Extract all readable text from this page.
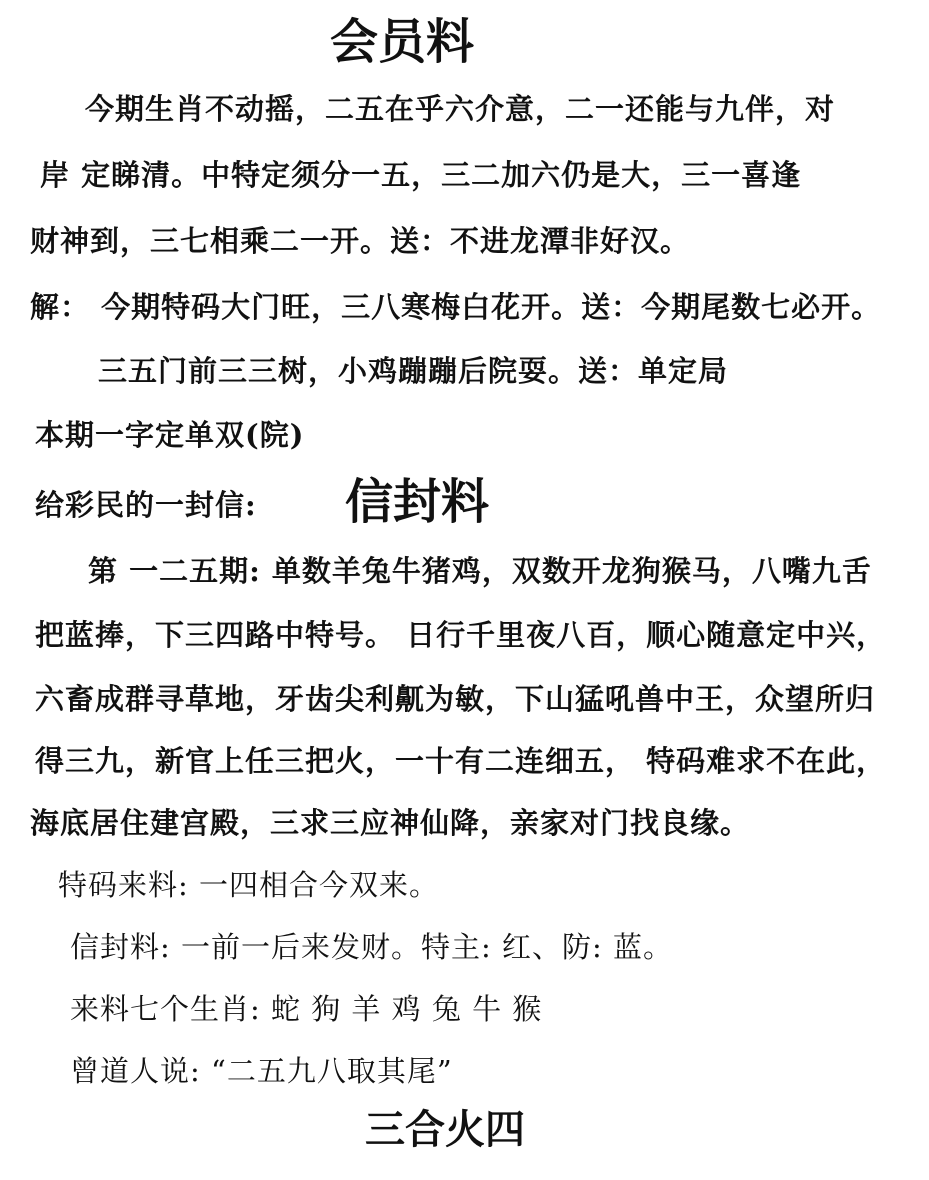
会员料
今期生肖不动摇，二五在乎六介意，二一还能与九伴，对
岸 定睇清。中特定须分一五，三二加六仍是大，三一喜逢
财神到，三七相乘二一开。送：不进龙潭非好汉。
解： 今期特码大门旺，三八寒梅白花开。送：今期尾数七必开。
三五门前三三树，小鸡蹦蹦后院耍。送：单定局
本期一字定单双(院)
给彩民的一封信: 信封料
第 一二五期: 单数羊兔牛猪鸡，双数开龙狗猴马，八嘴九舌
把蓝捧，下三四路中特号。 日行千里夜八百，顺心随意定中兴，
六畜成群寻草地，牙齿尖利鼿为敏，下山猛吼兽中王，众望所归
得三九，新官上任三把火，一十有二连细五， 特码难求不在此，
海底居住建宫殿，三求三应神仙降，亲家对门找良缘。
特码来料: 一四相合今双来。
信封料: 一前一后来发财。特主: 红、防: 蓝。
来料七个生肖: 蛇 狗 羊 鸡 兔 牛 猴
曾道人说: “二五九八取其尾”
三合火四
